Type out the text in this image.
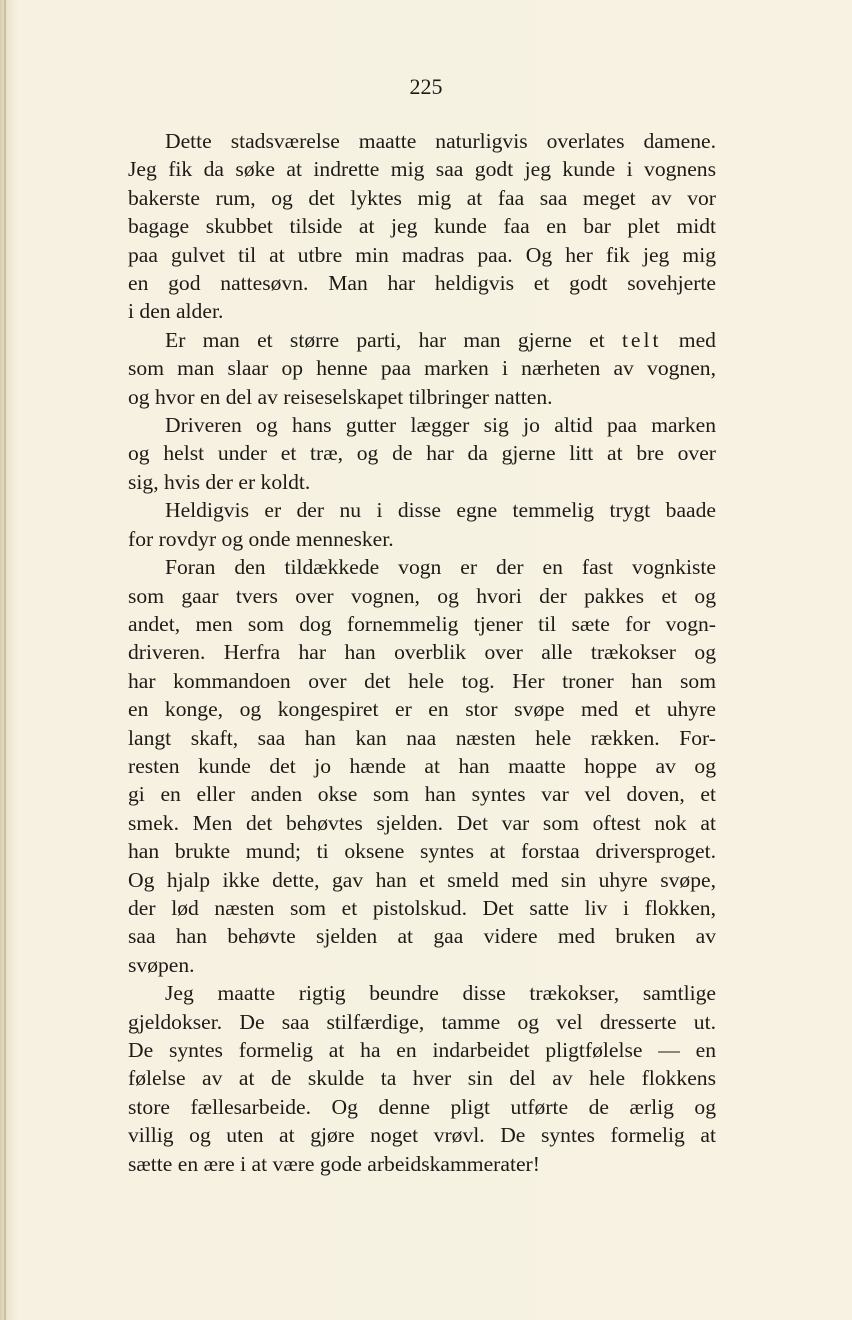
225
Dette stadsværelse maatte naturligvis overlates damene.
Jeg fik da søke at indrette mig saa godt jeg kunde i vognens
bakerste rum, og det lyktes mig at faa saa meget av vor
bagage skubbet tilside at jeg kunde faa en bar plet midt
paa gulvet til at utbre min madras paa. Og her fik jeg mig
en god nattesøvn. Man har heldigvis et godt sovehjerte
i den alder.
Er man et større parti, har man gjerne et telt med
som man slaar op henne paa marken i nærheten av vognen,
og hvor en del av reiseselskapet tilbringer natten.
Driveren og hans gutter lægger sig jo altid paa marken
og helst under et træ, og de har da gjerne litt at bre over
sig, hvis der er koldt.
Heldigvis er der nu i disse egne temmelig trygt baade
for rovdyr og onde mennesker.
Foran den tildækkede vogn er der en fast vognkiste
som gaar tvers over vognen, og hvori der pakkes et og
andet, men som dog fornemmelig tjener til sæte for vogn-
driveren. Herfra har han overblik over alle trækokser og
har kommandoen over det hele tog. Her troner han som
en konge, og kongespiret er en stor svøpe med et uhyre
langt skaft, saa han kan naa næsten hele rækken. For-
resten kunde det jo hænde at han maatte hoppe av og
gi en eller anden okse som han syntes var vel doven, et
smek. Men det behøvtes sjelden. Det var som oftest nok at
han brukte mund; ti oksene syntes at forstaa driversproget.
Og hjalp ikke dette, gav han et smeld med sin uhyre svøpe,
der lød næsten som et pistolskud. Det satte liv i flokken,
saa han behøvte sjelden at gaa videre med bruken av
svøpen.
Jeg maatte rigtig beundre disse trækokser, samtlige
gjeldokser. De saa stilfærdige, tamme og vel dresserte ut.
De syntes formelig at ha en indarbeidet pligtfølelse — en
følelse av at de skulde ta hver sin del av hele flokkens
store fællesarbeide. Og denne pligt utførte de ærlig og
villig og uten at gjøre noget vrøvl. De syntes formelig at
sætte en ære i at være gode arbeidskammerater!
